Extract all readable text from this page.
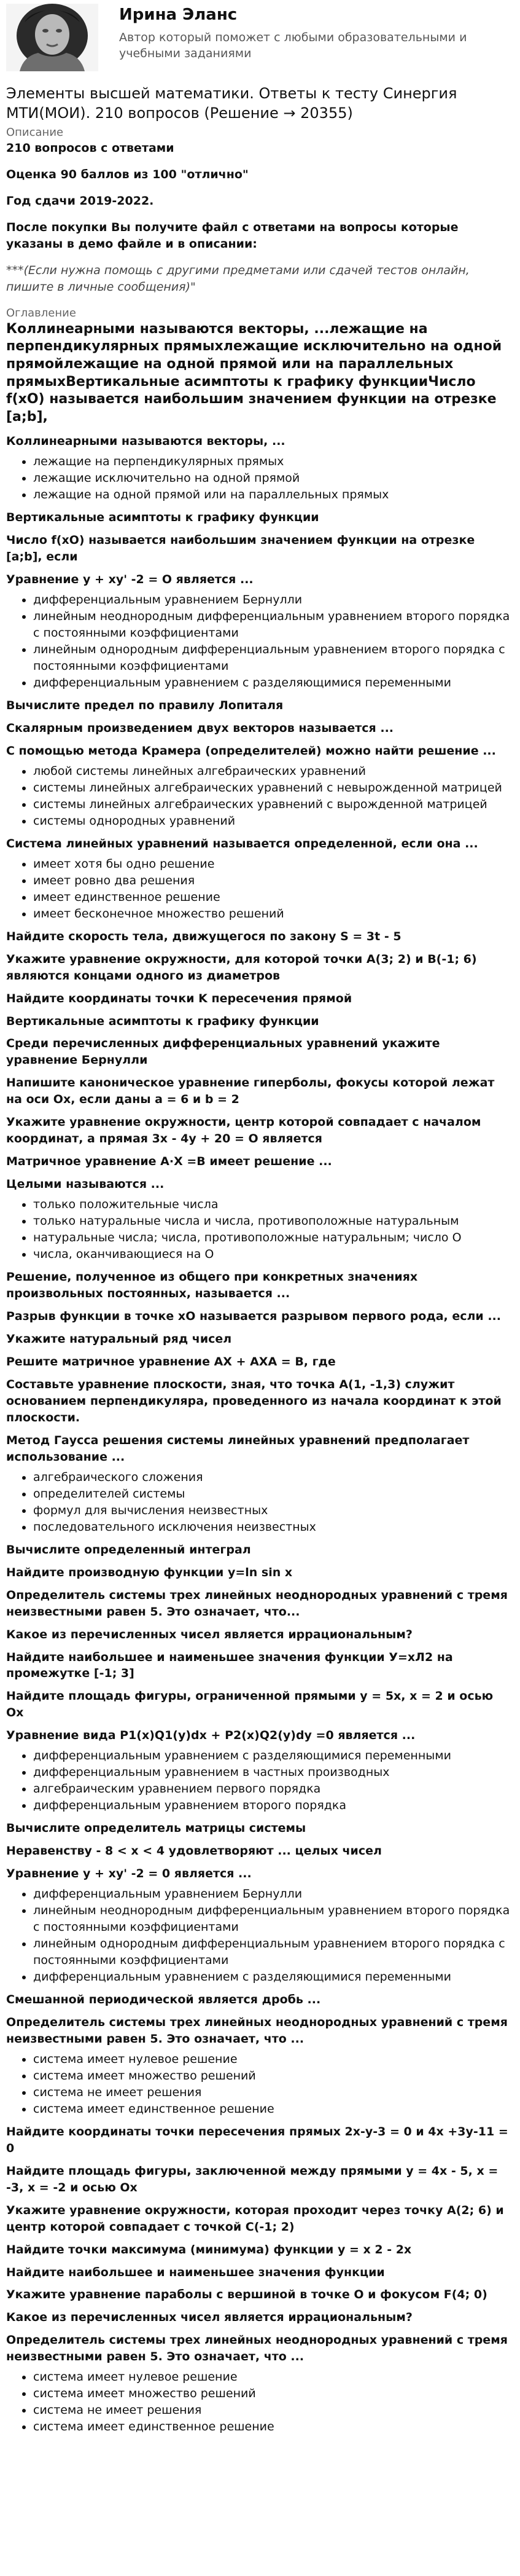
Ирина Эланс
Автор который поможет с любыми образовательными и учебными заданиями
Элементы высшей математики. Ответы к тесту Синергия МТИ(МОИ). 210 вопросов (Решение → 20355)
Описание

210 вопросов с ответами

Оценка 90 баллов из 100 "отлично"

Год сдачи 2019-2022.

После покупки Вы получите файл с ответами на вопросы которые указаны в демо файле и в описании:

***(Если нужна помощь с другими предметами или сдачей тестов онлайн, пишите в личные сообщения)"
Оглавление

Коллинеарными называются векторы, ...лежащие на перпендикулярных прямыхлежащие исключительно на одной прямойлежащие на одной прямой или на параллельных прямыхВертикальные асимптоты к графику функцииЧисло f(xO) называется наибольшим значением функции на отрезке [a;b],

Коллинеарными называются векторы, ...

• лежащие на перпендикулярных прямых
• лежащие исключительно на одной прямой
• лежащие на одной прямой или на параллельных прямых

Вертикальные асимптоты к графику функции

Число f(xO) называется наибольшим значением функции на отрезке [a;b], если

Уравнение y + xy' -2 = O является ...

• дифференциальным уравнением Бернулли
• линейным неоднородным дифференциальным уравнением второго порядка с постоянными коэффициентами
• линейным однородным дифференциальным уравнением второго порядка с постоянными коэффициентами
• дифференциальным уравнением с разделяющимися переменными

Вычислите предел по правилу Лопиталя

Скалярным произведением двух векторов называется ...

С помощью метода Крамера (определителей) можно найти решение ...

• любой системы линейных алгебраических уравнений
• системы линейных алгебраических уравнений с невырожденной матрицей
• системы линейных алгебраических уравнений с вырожденной матрицей
• системы однородных уравнений

Система линейных уравнений называется определенной, если она ...

• имеет хотя бы одно решение
• имеет ровно два решения
• имеет единственное решение
• имеет бесконечное множество решений

Найдите скорость тела, движущегося по закону S = 3t - 5

Укажите уравнение окружности, для которой точки A(3; 2) и B(-1; 6) являются концами одного из диаметров

Найдите координаты точки K пересечения прямой

Вертикальные асимптоты к графику функции

Среди перечисленных дифференциальных уравнений укажите уравнение Бернулли

Напишите каноническое уравнение гиперболы, фокусы которой лежат на оси Ox, если даны a = 6 и b = 2

Укажите уравнение окружности, центр которой совпадает с началом координат, а прямая 3x - 4y + 20 = O является

Матричное уравнение A·X =B имеет решение ...

Целыми называются ...

• только положительные числа
• только натуральные числа и числа, противоположные натуральным
• натуральные числа; числа, противоположные натуральным; число O
• числа, оканчивающиеся на O

Решение, полученное из общего при конкретных значениях произвольных постоянных, называется ...

Разрыв функции в точке xO называется разрывом первого рода, если ...

Укажите натуральный ряд чисел

Решите матричное уравнение AX + AXA = B, где

Составьте уравнение плоскости, зная, что точка A(1, -1,3) служит основанием перпендикуляра, проведенного из начала координат к этой плоскости.

Метод Гаусса решения системы линейных уравнений предполагает использование ...

• алгебраического сложения
• определителей системы
• формул для вычисления неизвестных
• последовательного исключения неизвестных

Вычислите определенный интеграл

Найдите производную функции y=ln sin x

Определитель системы трех линейных неоднородных уравнений с тремя неизвестными равен 5. Это означает, что...

Какое из перечисленных чисел является иррациональным?

Найдите наибольшее и наименьшее значения функции У=хЛ2 на промежутке [-1; 3]

Найдите площадь фигуры, ограниченной прямыми y = 5x, x = 2 и осью Ox

Уравнение вида P1(x)Q1(y)dx + P2(x)Q2(y)dy =0 является ...

• дифференциальным уравнением с разделяющимися переменными
• дифференциальным уравнением в частных производных
• алгебраическим уравнением первого порядка
• дифференциальным уравнением второго порядка

Вычислите определитель матрицы системы

Неравенству - 8 < x < 4 удовлетворяют ... целых чисел

Уравнение y + xy' -2 = 0 является ...

• дифференциальным уравнением Бернулли
• линейным неоднородным дифференциальным уравнением второго порядка с постоянными коэффициентами
• линейным однородным дифференциальным уравнением второго порядка с постоянными коэффициентами
• дифференциальным уравнением с разделяющимися переменными

Смешанной периодической является дробь ...

Определитель системы трех линейных неоднородных уравнений с тремя неизвестными равен 5. Это означает, что ...

• система имеет нулевое решение
• система имеет множество решений
• система не имеет решения
• система имеет единственное решение

Найдите координаты точки пересечения прямых 2x-y-3 = 0 и 4x +3y-11 = 0

Найдите площадь фигуры, заключенной между прямыми y = 4x - 5, x = -3, x = -2 и осью Ox

Укажите уравнение окружности, которая проходит через точку A(2; 6) и центр которой совпадает с точкой C(-1; 2)

Найдите точки максимума (минимума) функции y = x 2 - 2x

Найдите наибольшее и наименьшее значения функции

Укажите уравнение параболы с вершиной в точке O и фокусом F(4; 0)

Какое из перечисленных чисел является иррациональным?

Определитель системы трех линейных неоднородных уравнений с тремя неизвестными равен 5. Это означает, что ...

• система имеет нулевое решение
• система имеет множество решений
• система не имеет решения
• система имеет единственное решение
